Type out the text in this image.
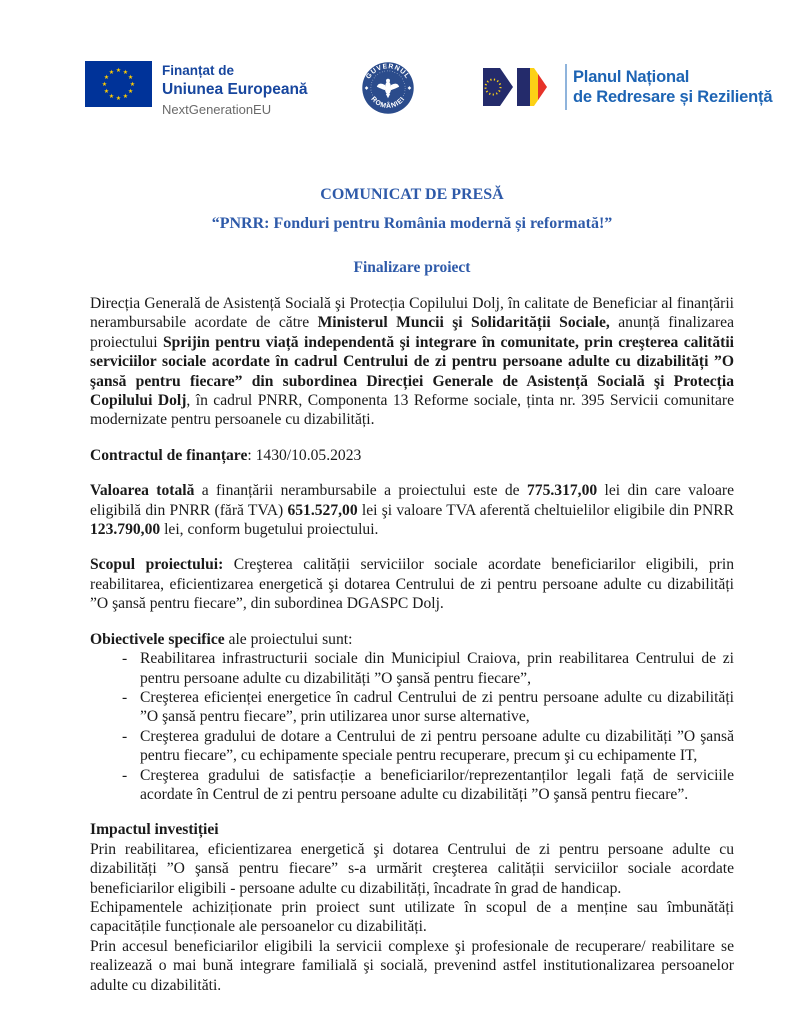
★
★
★
★
★
★
★
★
★ ★ ★
★ Finanțat de
Uniunea Europeană
NextGenerationEU
GUVERNUL
ROMÂNIEI
Planul Național
de Redresare și Reziliență
COMUNICAT DE PRESĂ
“PNRR: Fonduri pentru România modernă și reformată!”
Finalizare proiect

Direcția Generală de Asistență Socială şi Protecția Copilului Dolj, în calitate de Beneficiar al finanțării nerambursabile acordate de către Ministerul Muncii şi Solidarității Sociale, anunță finalizarea proiectului Sprijin pentru viață independentă şi integrare în comunitate, prin creşterea calitătii serviciilor sociale acordate în cadrul Centrului de zi pentru persoane adulte cu dizabilități ”O şansă pentru fiecare” din subordinea Direcției Generale de Asistență Socială şi Protecția Copilului Dolj, în cadrul PNRR, Componenta 13 Reforme sociale, ținta nr. 395 Servicii comunitare modernizate pentru persoanele cu dizabilități.

Contractul de finanțare: 1430/10.05.2023

Valoarea totală a finanțării nerambursabile a proiectului este de 775.317,00 lei din care valoare eligibilă din PNRR (fără TVA) 651.527,00 lei şi valoare TVA aferentă cheltuielilor eligibile din PNRR 123.790,00 lei, conform bugetului proiectului.

Scopul proiectului: Creşterea calității serviciilor sociale acordate beneficiarilor eligibili, prin reabilitarea, eficientizarea energetică şi dotarea Centrului de zi pentru persoane adulte cu dizabilități ”O şansă pentru fiecare”, din subordinea DGASPC Dolj.

Obiectivele specifice ale proiectului sunt:

- Reabilitarea infrastructurii sociale din Municipiul Craiova, prin reabilitarea Centrului de zi pentru persoane adulte cu dizabilități ”O şansă pentru fiecare”,
- Creşterea eficienței energetice în cadrul Centrului de zi pentru persoane adulte cu dizabilități ”O şansă pentru fiecare”, prin utilizarea unor surse alternative,
- Creşterea gradului de dotare a Centrului de zi pentru persoane adulte cu dizabilități ”O şansă pentru fiecare”, cu echipamente speciale pentru recuperare, precum şi cu echipamente IT,
- Creşterea gradului de satisfacție a beneficiarilor/reprezentanților legali față de serviciile acordate în Centrul de zi pentru persoane adulte cu dizabilități ”O şansă pentru fiecare”.

Impactul investiției

Prin reabilitarea, eficientizarea energetică şi dotarea Centrului de zi pentru persoane adulte cu dizabilități ”O şansă pentru fiecare” s-a urmărit creşterea calității serviciilor sociale acordate beneficiarilor eligibili - persoane adulte cu dizabilități, încadrate în grad de handicap.
Echipamentele achiziționate prin proiect sunt utilizate în scopul de a menține sau îmbunătăți capacitățile funcționale ale persoanelor cu dizabilități.
Prin accesul beneficiarilor eligibili la servicii complexe şi profesionale de recuperare/ reabilitare se realizează o mai bună integrare familială şi socială, prevenind astfel institutionalizarea persoanelor adulte cu dizabilităti.
